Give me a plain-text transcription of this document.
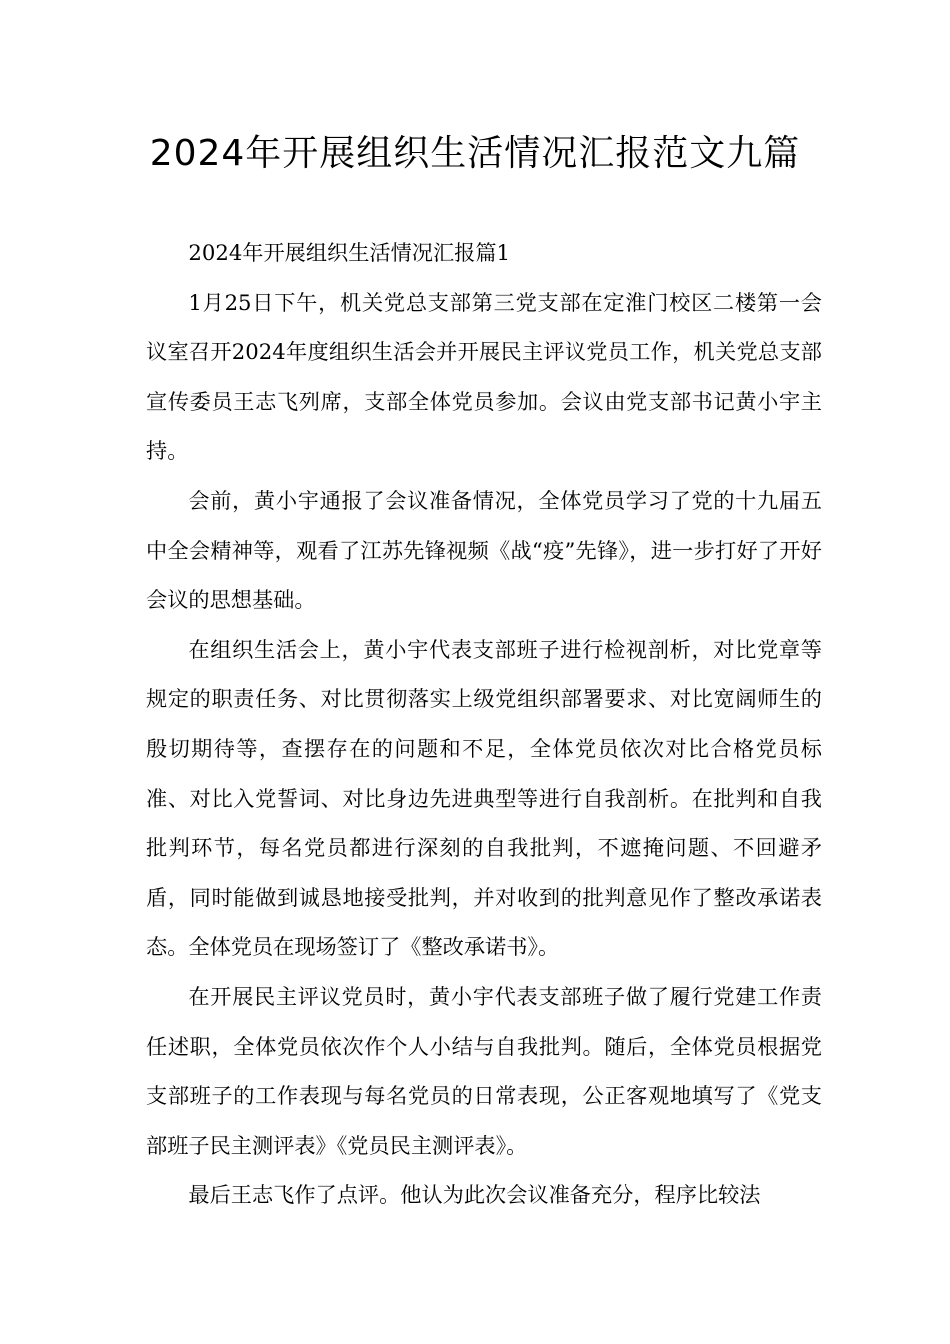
2024年开展组织生活情况汇报范文九篇

2024年开展组织生活情况汇报篇1

1月25日下午，机关党总支部第三党支部在定淮门校区二楼第一会议室召开2024年度组织生活会并开展民主评议党员工作，机关党总支部宣传委员王志飞列席，支部全体党员参加。会议由党支部书记黄小宇主持。

会前，黄小宇通报了会议准备情况，全体党员学习了党的十九届五中全会精神等，观看了江苏先锋视频《战“疫”先锋》，进一步打好了开好会议的思想基础。

在组织生活会上，黄小宇代表支部班子进行检视剖析，对比党章等规定的职责任务、对比贯彻落实上级党组织部署要求、对比宽阔师生的殷切期待等，查摆存在的问题和不足，全体党员依次对比合格党员标准、对比入党誓词、对比身边先进典型等进行自我剖析。在批判和自我批判环节，每名党员都进行深刻的自我批判，不遮掩问题、不回避矛盾，同时能做到诚恳地接受批判，并对收到的批判意见作了整改承诺表态。全体党员在现场签订了《整改承诺书》。

在开展民主评议党员时，黄小宇代表支部班子做了履行党建工作责任述职，全体党员依次作个人小结与自我批判。随后，全体党员根据党支部班子的工作表现与每名党员的日常表现，公正客观地填写了《党支部班子民主测评表》《党员民主测评表》。

最后王志飞作了点评。他认为此次会议准备充分，程序比较法
